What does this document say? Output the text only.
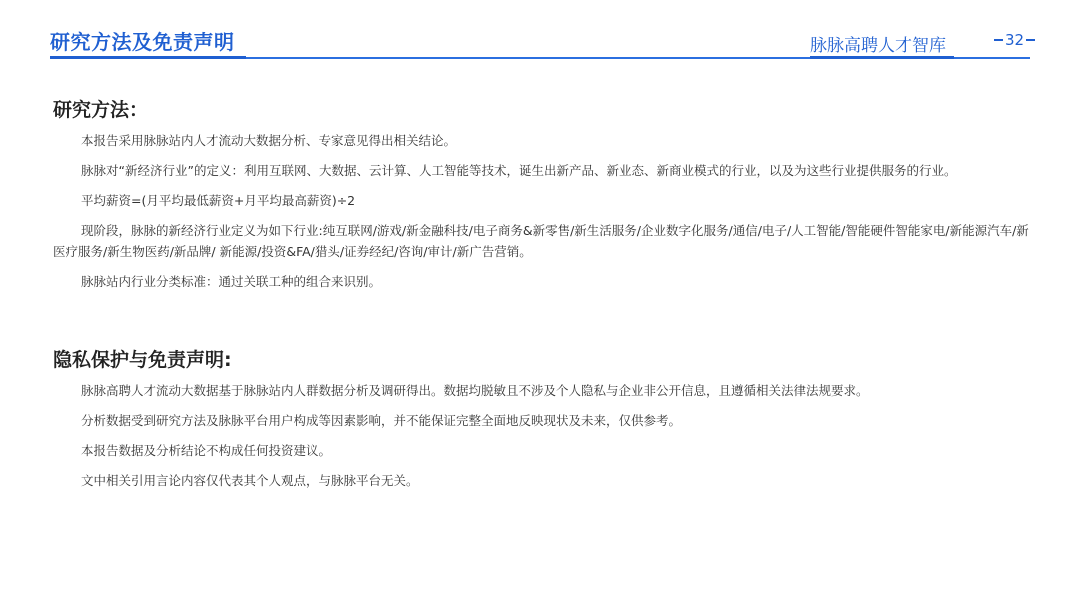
研究方法及免责声明	脉脉高聘人才智库	32
研究方法：

本报告采用脉脉站内人才流动大数据分析、专家意见得出相关结论。

脉脉对“新经济行业”的定义：利用互联网、大数据、云计算、人工智能等技术，诞生出新产品、新业态、新商业模式的行业，以及为这些行业提供服务的行业。

平均薪资=(月平均最低薪资+月平均最高薪资)÷2

现阶段，脉脉的新经济行业定义为如下行业:纯互联网/游戏/新金融科技/电子商务&新零售/新生活服务/企业数字化服务/通信/电子/人工智能/智能硬件智能家电/新能源汽车/新医疗服务/新生物医药/新品牌/ 新能源/投资&FA/猎头/证券经纪/咨询/审计/新广告营销。

脉脉站内行业分类标准：通过关联工种的组合来识别。

隐私保护与免责声明:

脉脉高聘人才流动大数据基于脉脉站内人群数据分析及调研得出。数据均脱敏且不涉及个人隐私与企业非公开信息，且遵循相关法律法规要求。

分析数据受到研究方法及脉脉平台用户构成等因素影响，并不能保证完整全面地反映现状及未来，仅供参考。

本报告数据及分析结论不构成任何投资建议。

文中相关引用言论内容仅代表其个人观点，与脉脉平台无关。
